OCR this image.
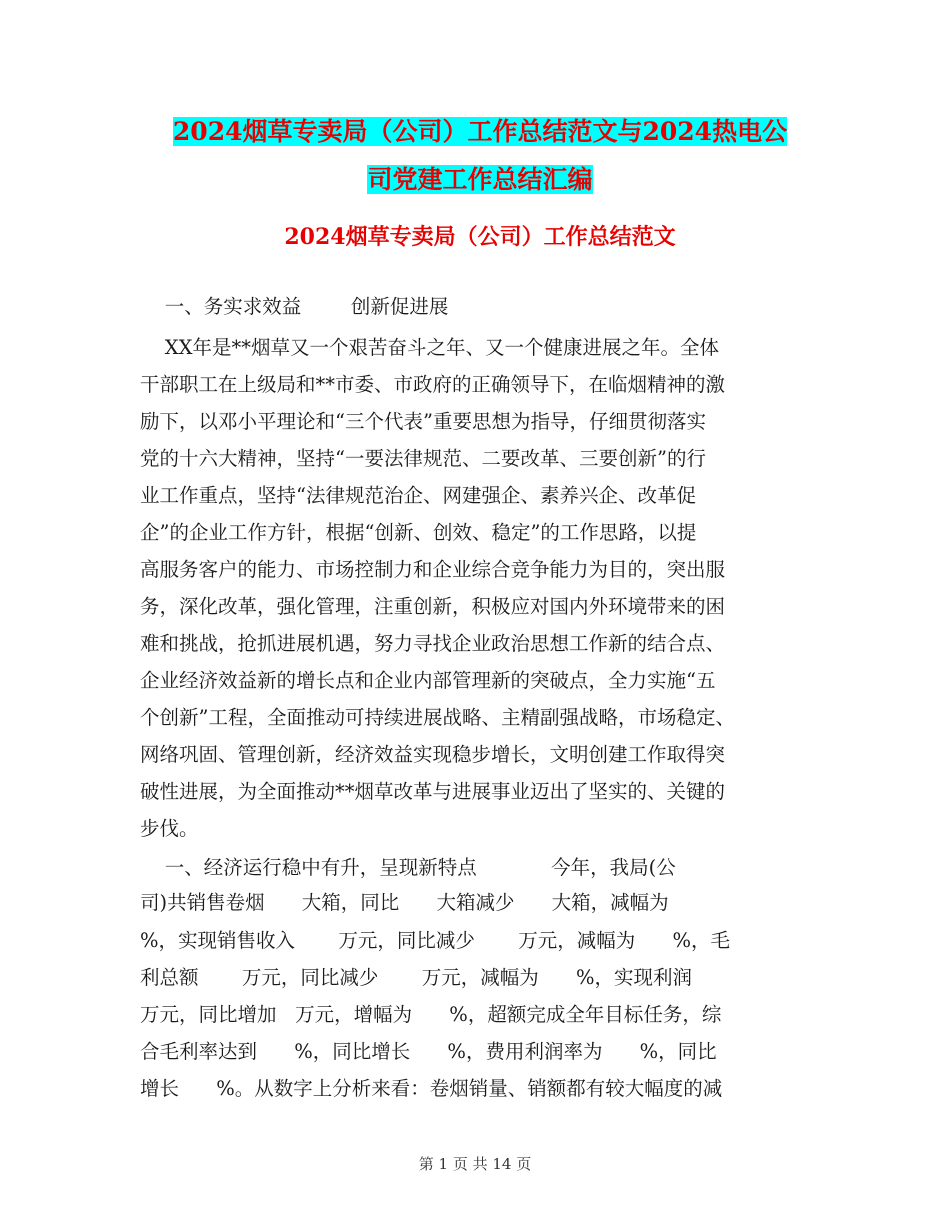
2024烟草专卖局（公司）工作总结范文与2024热电公
司党建工作总结汇编
2024烟草专卖局（公司）工作总结范文
一、务实求效益        创新促进展
XX年是**烟草又一个艰苦奋斗之年、又一个健康进展之年。全体
干部职工在上级局和**市委、市政府的正确领导下，在临烟精神的激
励下，以邓小平理论和“三个代表”重要思想为指导，仔细贯彻落实
党的十六大精神，坚持“一要法律规范、二要改革、三要创新”的行
业工作重点，坚持“法律规范治企、网建强企、素养兴企、改革促
企”的企业工作方针，根据“创新、创效、稳定”的工作思路，以提
高服务客户的能力、市场控制力和企业综合竞争能力为目的，突出服
务，深化改革，强化管理，注重创新，积极应对国内外环境带来的困
难和挑战，抢抓进展机遇，努力寻找企业政治思想工作新的结合点、
企业经济效益新的增长点和企业内部管理新的突破点，全力实施“五
个创新”工程，全面推动可持续进展战略、主精副强战略，市场稳定、
网络巩固、管理创新，经济效益实现稳步增长，文明创建工作取得突
破性进展，为全面推动**烟草改革与进展事业迈出了坚实的、关键的
步伐。
一、经济运行稳中有升，呈现新特点            今年，我局(公
司)共销售卷烟      大箱，同比      大箱减少      大箱，减幅为
%，实现销售收入       万元，同比减少       万元，减幅为      %，毛
利总额       万元，同比减少       万元，减幅为      %，实现利润
万元，同比增加   万元，增幅为      %，超额完成全年目标任务，综
合毛利率达到      %，同比增长      %，费用利润率为      %，同比
增长      %。从数字上分析来看：卷烟销量、销额都有较大幅度的减
第 1 页 共 14 页
